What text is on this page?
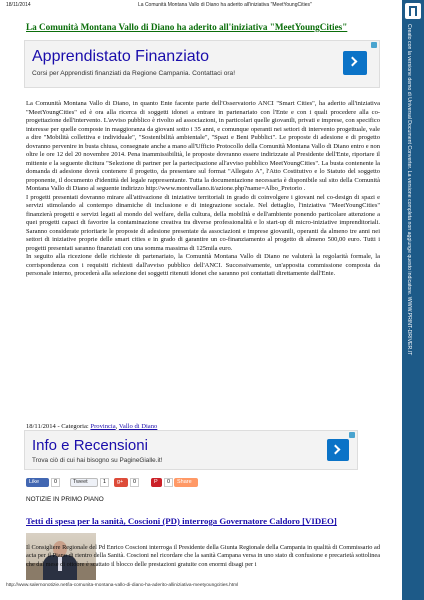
18/11/2014	La Comunità Montana Vallo di Diano ha aderito all'iniziativa "MeetYoungCities"
Creato con la versione demo di Universal Document Converter. La versione completa non aggiunge questo indicatore. WWW.PRINT-DRIVER.IT
La Comunità Montana Vallo di Diano ha aderito all'iniziativa "MeetYoungCities"
Apprendistato Finanziato
Corsi per Apprendisti finanziati da Regione Campania. Contattaci ora!

La Comunità Montana Vallo di Diano, in quanto Ente facente parte dell'Osservatorio ANCI "Smart Cities", ha aderito all'iniziativa "MeetYoungCities" ed è ora alla ricerca di soggetti idonei a entrare in partenariato con l'Ente e con i quali procedere alla co-progettazione dell'intervento. L'avviso pubblico è rivolto ad associazioni, in particolari quelle giovanili, privati e imprese, con specifico interesse per quelle composte in maggioranza da giovani sotto i 35 anni, e comunque operanti nei settori di intervento progettuale, vale a dire "Mobilità collettiva e individuale", "Sostenibilità ambientale", "Spazi e Beni Pubblici". Le proposte di adesione e di progetto dovranno pervenire in busta chiusa, consegnate anche a mano all'Ufficio Protocollo della Comunità Montana Vallo di Diano entro e non oltre le ore 12 del 20 novembre 2014. Pena inammissibilità, le proposte dovranno essere indirizzate al Presidente dell'Ente, riportare il mittente e la seguente dicitura "Selezione di partner per la partecipazione all'avviso pubblico MeetYoungCities". La busta contenente la domanda di adesione dovrà contenere il progetto, da presentare sul format "Allegato A", l'Atto Costitutivo e lo Statuto del soggetto proponente, il documento d'identità del legale rappresentante. Tutta la documentazione necessaria è disponibile sul sito della Comunità Montana Vallo di Diano al seguente indirizzo http://www.montvallano.it/azione.php?name=Albo_Pretorio .

I progetti presentati dovranno mirare all'attivazione di iniziative territoriali in grado di coinvolgere i giovani nel co-design di spazi e servizi stimolando al contempo dinamiche di inclusione e di integrazione sociale. Nel dettaglio, l'iniziativa "MeetYoungCities" finanzierà progetti e servizi legati al mondo del welfare, della cultura, della mobilità e dell'ambiente ponendo particolare attenzione a quei progetti capaci di favorire la contaminazione creativa tra diverse professionalità e lo start-up di micro-iniziative imprenditoriali. Saranno considerate prioritarie le proposte di adesione presentate da associazioni e imprese giovanili, operanti da almeno tre anni nei settori di iniziative proprie delle smart cities e in grado di garantire un co-finanziamento al progetto di almeno 500,00 euro. Tutti i progetti presentati saranno finanziati con una somma massima di 125mila euro.

In seguito alla ricezione delle richieste di partenariato, la Comunità Montana Vallo di Diano ne valuterà la regolarità formale, la corrispondenza con i requisiti richiesti dall'avviso pubblico dell'ANCI. Successivamente, un'apposita commissione composta da personale interno, procederà alla selezione dei soggetti ritenuti idonei che saranno poi contattati direttamente dall'Ente.

18/11/2014 - Categoria: Provincia, Vallo di Diano
Info e Recensioni
Trova ciò di cui hai bisogno su PagineGialle.it!
Like	0	Tweet	1	g+	0	P	0	Share
NOTIZIE IN PRIMO PIANO
Tetti di spesa per la sanità, Coscioni (PD) interroga Governatore Caldoro [VIDEO]

Il Consigliere Regionale del Pd Enrico Coscioni interroga il Presidente della Giunta Regionale della Campania in qualità di Commissario ad acta per il Piano di rientro della Sanità. Coscioni nel ricordare che la sanità Campana versa in uno stato di confusione e precarietà sottolinea che dal mese di ottobre è scattato il blocco delle prestazioni gratuite con enormi disagi per i

http://www.salernonotizie.net/la-comunita-montana-vallo-di-diano-ha-aderito-alliniziativa-meetyoungcities.html
